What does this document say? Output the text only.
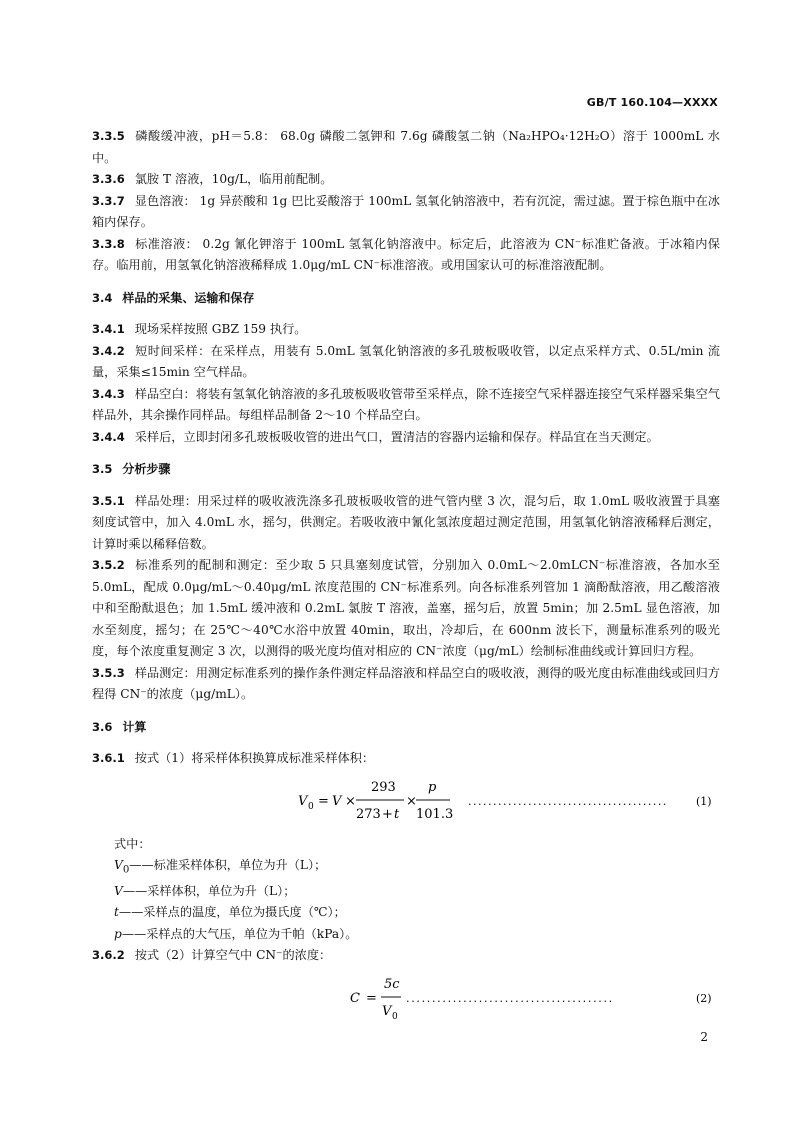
GB/T 160.104—XXXX

3.3.5 磷酸缓冲液，pH＝5.8： 68.0g 磷酸二氢钾和 7.6g 磷酸氢二钠（Na₂HPO₄·12H₂O）溶于 1000mL 水中。

3.3.6 氯胺 T 溶液，10g/L，临用前配制。

3.3.7 显色溶液： 1g 异菸酸和 1g 巴比妥酸溶于 100mL 氢氧化钠溶液中，若有沉淀，需过滤。置于棕色瓶中在冰箱内保存。

3.3.8 标准溶液： 0.2g 氰化钾溶于 100mL 氢氧化钠溶液中。标定后，此溶液为 CN⁻标准贮备液。于冰箱内保存。临用前，用氢氧化钠溶液稀释成 1.0μg/mL CN⁻标准溶液。或用国家认可的标准溶液配制。

3.4 样品的采集、运输和保存

3.4.1 现场采样按照 GBZ 159 执行。

3.4.2 短时间采样：在采样点，用装有 5.0mL 氢氧化钠溶液的多孔玻板吸收管，以定点采样方式、0.5L/min 流量，采集≤15min 空气样品。

3.4.3 样品空白：将装有氢氧化钠溶液的多孔玻板吸收管带至采样点，除不连接空气采样器连接空气采样器采集空气样品外，其余操作同样品。每组样品制备 2～10 个样品空白。

3.4.4 采样后，立即封闭多孔玻板吸收管的进出气口，置清洁的容器内运输和保存。样品宜在当天测定。

3.5 分析步骤

3.5.1 样品处理：用采过样的吸收液洗涤多孔玻板吸收管的进气管内壁 3 次，混匀后，取 1.0mL 吸收液置于具塞刻度试管中，加入 4.0mL 水，摇匀，供测定。若吸收液中氰化氢浓度超过测定范围，用氢氧化钠溶液稀释后测定，计算时乘以稀释倍数。

3.5.2 标准系列的配制和测定：至少取 5 只具塞刻度试管，分别加入 0.0mL～2.0mLCN⁻标准溶液，各加水至 5.0mL，配成 0.0μg/mL～0.40μg/mL 浓度范围的 CN⁻标准系列。向各标准系列管加 1 滴酚酞溶液，用乙酸溶液中和至酚酞退色；加 1.5mL 缓冲液和 0.2mL 氯胺 T 溶液，盖塞，摇匀后，放置 5min；加 2.5mL 显色溶液，加水至刻度，摇匀；在 25℃～40℃水浴中放置 40min，取出，冷却后，在 600nm 波长下，测量标准系列的吸光度，每个浓度重复测定 3 次，以测得的吸光度均值对相应的 CN⁻浓度（μg/mL）绘制标准曲线或计算回归方程。

3.5.3 样品测定：用测定标准系列的操作条件测定样品溶液和样品空白的吸收液，测得的吸光度由标准曲线或回归方程得 CN⁻的浓度（μg/mL）。

3.6 计算

3.6.1 按式（1）将采样体积换算成标准采样体积：

V 0 = V ×
293
273 + t
×
p
101.3
........................................	(1)

式中：

$V_0——$标准采样体积，单位为升（L）；

V——采样体积，单位为升（L）；

t——采样点的温度，单位为摄氏度（℃）；

p——采样点的大气压，单位为千帕（kPa）。

3.6.2 按式（2）计算空气中 CN⁻的浓度：

C =
5c
V 0
........................................	(2)
2
